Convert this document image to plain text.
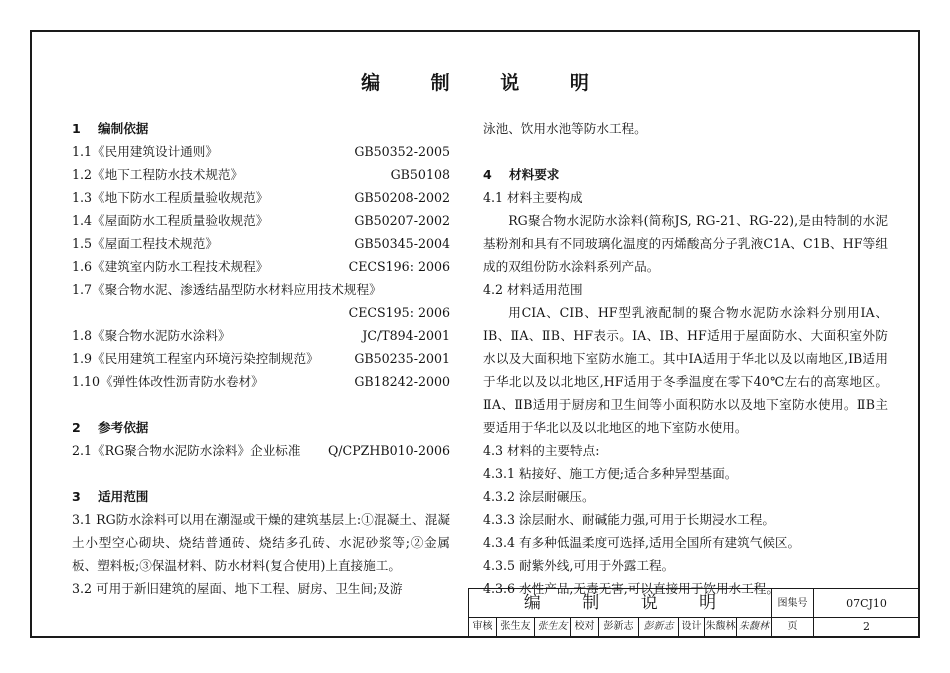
编 制 说 明
1 编制依据
1.1《民用建筑设计通则》	GB50352-2005
1.2《地下工程防水技术规范》	GB50108
1.3《地下防水工程质量验收规范》	GB50208-2002
1.4《屋面防水工程质量验收规范》	GB50207-2002
1.5《屋面工程技术规范》	GB50345-2004
1.6《建筑室内防水工程技术规程》	CECS196: 2006
1.7《聚合物水泥、渗透结晶型防水材料应用技术规程》
CECS195: 2006
1.8《聚合物水泥防水涂料》	JC/T894-2001
1.9《民用建筑工程室内环境污染控制规范》	GB50235-2001
1.10《弹性体改性沥青防水卷材》	GB18242-2000
2 参考依据
2.1《RG聚合物水泥防水涂料》企业标准 Q/CPZHB010-2006
3 适用范围
3.1 RG防水涂料可以用在潮湿或干燥的建筑基层上:①混凝土、混凝土小型空心砌块、烧结普通砖、烧结多孔砖、水泥砂浆等;②金属板、塑料板;③保温材料、防水材料(复合使用)上直接施工。
3.2 可用于新旧建筑的屋面、地下工程、厨房、卫生间;及游
泳池、饮用水池等防水工程。
4 材料要求
4.1 材料主要构成
RG聚合物水泥防水涂料(简称JS, RG-21、RG-22),是由特制的水泥基粉剂和具有不同玻璃化温度的丙烯酸高分子乳液C1A、C1B、HF等组成的双组份防水涂料系列产品。
4.2 材料适用范围
用CIA、CIB、HF型乳液配制的聚合物水泥防水涂料分别用IA、IB、ⅡA、ⅡB、HF表示。IA、IB、HF适用于屋面防水、大面积室外防水以及大面积地下室防水施工。其中IA适用于华北以及以南地区,IB适用于华北以及以北地区,HF适用于冬季温度在零下40℃左右的高寒地区。ⅡA、ⅡB适用于厨房和卫生间等小面积防水以及地下室防水使用。ⅡB主要适用于华北以及以北地区的地下室防水使用。
4.3 材料的主要特点:
4.3.1 粘接好、施工方便;适合多种异型基面。
4.3.2 涂层耐碾压。
4.3.3 涂层耐水、耐碱能力强,可用于长期浸水工程。
4.3.4 有多种低温柔度可选择,适用全国所有建筑气候区。
4.3.5 耐紫外线,可用于外露工程。
4.3.6 水性产品,无毒无害,可以直接用于饮用水工程。
编 制 说 明	图集号	07CJ10
审核 张生友 张生友 校对 彭新志	彭新志 设计 朱馥林 朱馥林	页	2
